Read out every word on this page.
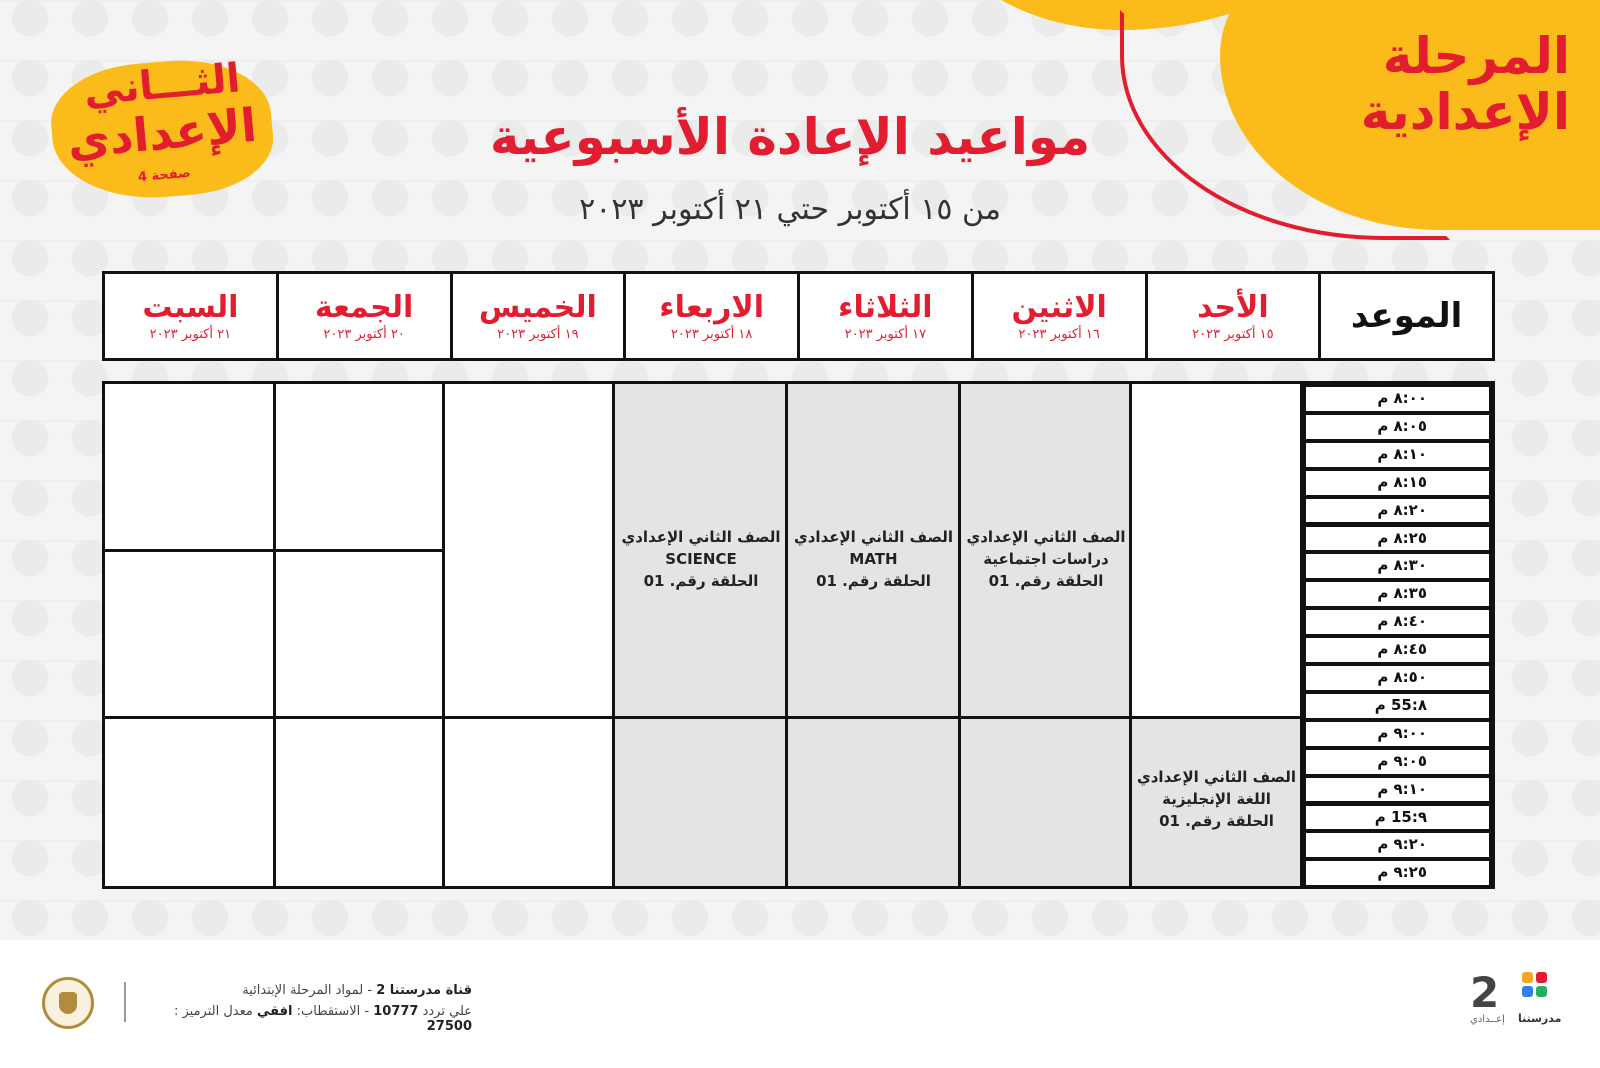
المرحلة
الإعدادية
الثـــاني
الإعدادي
صفحة 4
مواعيد الإعادة الأسبوعية
من ١٥ أكتوبر حتي ٢١ أكتوبر ٢٠٢٣
الموعد
الأحد
١٥ أكتوبر ٢٠٢٣
الاثنين
١٦ أكتوبر ٢٠٢٣
الثلاثاء
١٧ أكتوبر ٢٠٢٣
الاربعاء
١٨ أكتوبر ٢٠٢٣
الخميس
١٩ أكتوبر ٢٠٢٣
الجمعة
٢٠ أكتوبر ٢٠٢٣
السبت
٢١ أكتوبر ٢٠٢٣
الصف الثاني الإعدادي
SCIENCE
الحلقة رقم. 01
الصف الثاني الإعدادي
MATH
الحلقة رقم. 01
الصف الثاني الإعدادي
دراسات اجتماعية
الحلقة رقم. 01
الصف الثاني الإعدادي
اللغة الإنجليزية
الحلقة رقم. 01
٨:٠٠ م
٨:٠٥ م
٨:١٠ م
٨:١٥ م
٨:٢٠ م
٨:٢٥ م
٨:٣٠ م
٨:٣٥ م
٨:٤٠ م
٨:٤٥ م
٨:٥٠ م
٨:55 م
٩:٠٠ م
٩:٠٥ م
٩:١٠ م
٩:15 م
٩:٢٠ م
٩:٢٥ م
قناة مدرستنا 2 - لمواد المرحلة الإبتدائية
علي تردد 10777 - الاستقطاب: افقي معدل الترميز : 27500
2
إعــدادي مدرستنا
